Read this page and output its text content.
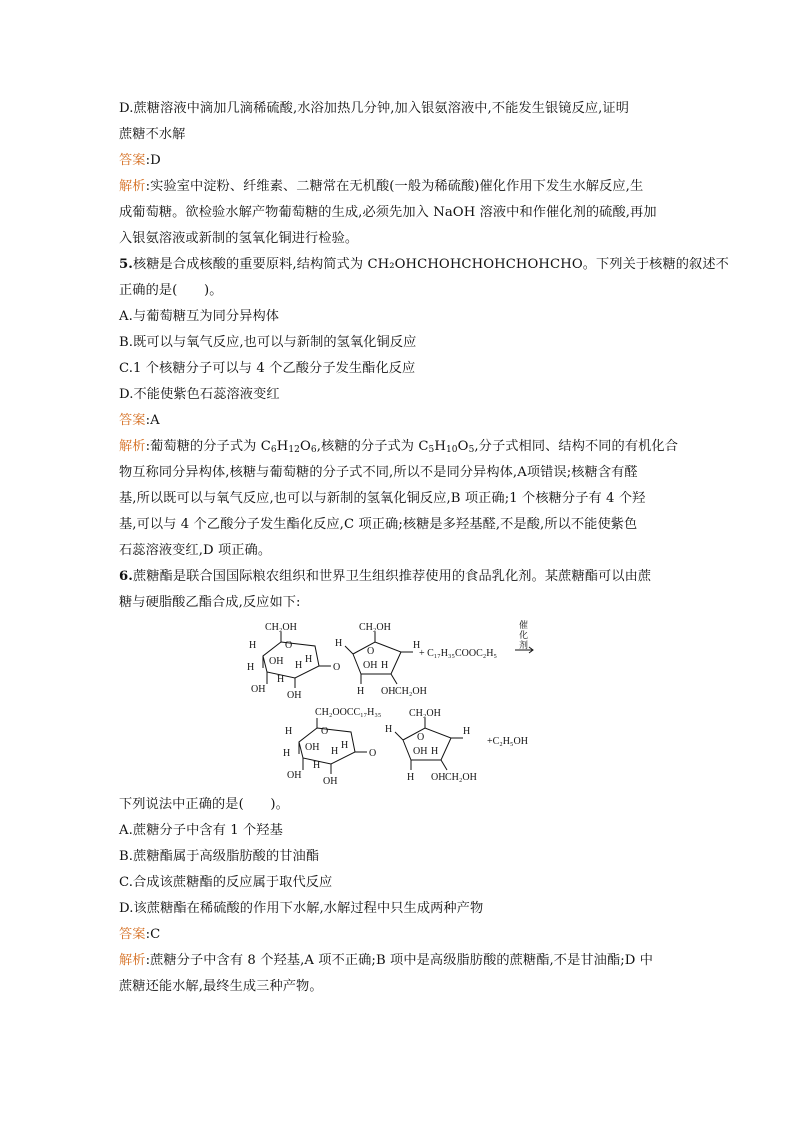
D.蔗糖溶液中滴加几滴稀硫酸,水浴加热几分钟,加入银氨溶液中,不能发生银镜反应,证明
蔗糖不水解
答案:D
解析:实验室中淀粉、纤维素、二糖常在无机酸(一般为稀硫酸)催化作用下发生水解反应,生
成葡萄糖。欲检验水解产物葡萄糖的生成,必须先加入 NaOH 溶液中和作催化剂的硫酸,再加
入银氨溶液或新制的氢氧化铜进行检验。
5.核糖是合成核酸的重要原料,结构简式为 CH₂OHCHOHCHOHCHOHCHO。下列关于核糖的叙述不
正确的是(　　)。
A.与葡萄糖互为同分异构体
B.既可以与氧气反应,也可以与新制的氢氧化铜反应
C.1 个核糖分子可以与 4 个乙酸分子发生酯化反应
D.不能使紫色石蕊溶液变红
答案:A
解析:葡萄糖的分子式为 $C_6H_{12}O_6$,核糖的分子式为 $C_5H_{10}O_5$,分子式相同、结构不同的有机化合
物互称同分异构体,核糖与葡萄糖的分子式不同,所以不是同分异构体,A项错误;核糖含有醛
基,所以既可以与氧气反应,也可以与新制的氢氧化铜反应,B 项正确;1 个核糖分子有 4 个羟
基,可以与 4 个乙酸分子发生酯化反应,C 项正确;核糖是多羟基醛,不是酸,所以不能使紫色
石蕊溶液变红,D 项正确。
6.蔗糖酯是联合国国际粮农组织和世界卫生组织推荐使用的食品乳化剂。某蔗糖酯可以由蔗
糖与硬脂酸乙酯合成,反应如下:
CH₂OH
O
H
OH
H	H
H
OH
H
OH
O
CH₂OH
H
O
OH H
H
H OH CH₂OH
+ C₁₇H₃₅COOC₂H₅
催
化
剂
CH₂OOCC₁₇H₃₅
O
H
OH
H	H
H
OH
H
OH
O
CH₂OH
H
O
OH H
H
H OH CH₂OH
+C₂H₅OH
下列说法中正确的是(　　)。
A.蔗糖分子中含有 1 个羟基
B.蔗糖酯属于高级脂肪酸的甘油酯
C.合成该蔗糖酯的反应属于取代反应
D.该蔗糖酯在稀硫酸的作用下水解,水解过程中只生成两种产物
答案:C
解析:蔗糖分子中含有 8 个羟基,A 项不正确;B 项中是高级脂肪酸的蔗糖酯,不是甘油酯;D 中
蔗糖还能水解,最终生成三种产物。
